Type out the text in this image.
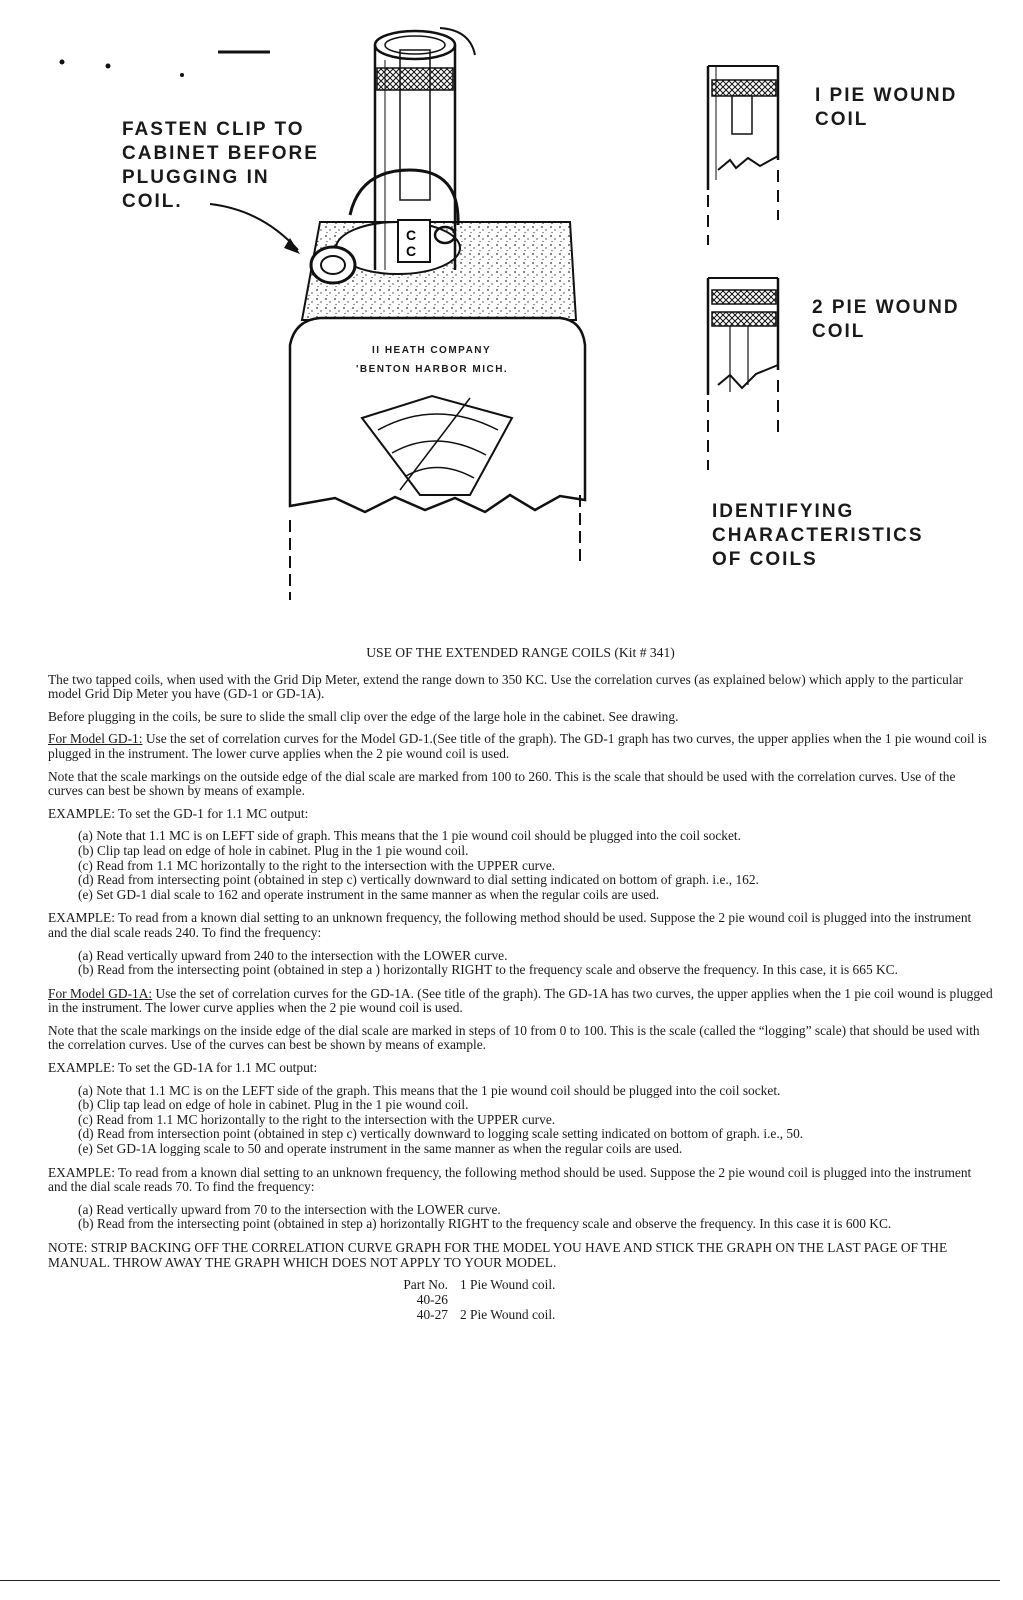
C
C
FASTEN CLIP TO
CABINET BEFORE
PLUGGING IN
COIL.
II HEATH COMPANY
'BENTON HARBOR MICH.
I PIE WOUND
COIL
2 PIE WOUND
COIL
IDENTIFYING
CHARACTERISTICS
OF COILS

USE OF THE EXTENDED RANGE COILS (Kit # 341)

The two tapped coils, when used with the Grid Dip Meter, extend the range down to 350 KC. Use the correlation curves (as explained below) which apply to the particular model Grid Dip Meter you have (GD-1 or GD-1A).

Before plugging in the coils, be sure to slide the small clip over the edge of the large hole in the cabinet. See drawing.

For Model GD-1: Use the set of correlation curves for the Model GD-1.(See title of the graph). The GD-1 graph has two curves, the upper applies when the 1 pie wound coil is plugged in the instrument. The lower curve applies when the 2 pie wound coil is used.

Note that the scale markings on the outside edge of the dial scale are marked from 100 to 260. This is the scale that should be used with the correlation curves. Use of the curves can best be shown by means of example.

EXAMPLE: To set the GD-1 for 1.1 MC output:

(a) Note that 1.1 MC is on LEFT side of graph. This means that the 1 pie wound coil should be plugged into the coil socket.
(b) Clip tap lead on edge of hole in cabinet. Plug in the 1 pie wound coil.
(c) Read from 1.1 MC horizontally to the right to the intersection with the UPPER curve.
(d) Read from intersecting point (obtained in step c) vertically downward to dial setting indicated on bottom of graph. i.e., 162.
(e) Set GD-1 dial scale to 162 and operate instrument in the same manner as when the regular coils are used.

EXAMPLE: To read from a known dial setting to an unknown frequency, the following method should be used. Suppose the 2 pie wound coil is plugged into the instrument and the dial scale reads 240. To find the frequency:

(a) Read vertically upward from 240 to the intersection with the LOWER curve.
(b) Read from the intersecting point (obtained in step a ) horizontally RIGHT to the frequency scale and observe the frequency. In this case, it is 665 KC.

For Model GD-1A: Use the set of correlation curves for the GD-1A. (See title of the graph). The GD-1A has two curves, the upper applies when the 1 pie coil wound is plugged in the instrument. The lower curve applies when the 2 pie wound coil is used.

Note that the scale markings on the inside edge of the dial scale are marked in steps of 10 from 0 to 100. This is the scale (called the “logging” scale) that should be used with the correlation curves. Use of the curves can best be shown by means of example.

EXAMPLE: To set the GD-1A for 1.1 MC output:

(a) Note that 1.1 MC is on the LEFT side of the graph. This means that the 1 pie wound coil should be plugged into the coil socket.
(b) Clip tap lead on edge of hole in cabinet. Plug in the 1 pie wound coil.
(c) Read from 1.1 MC horizontally to the right to the intersection with the UPPER curve.
(d) Read from intersection point (obtained in step c) vertically downward to logging scale setting indicated on bottom of graph. i.e., 50.
(e) Set GD-1A logging scale to 50 and operate instrument in the same manner as when the regular coils are used.

EXAMPLE: To read from a known dial setting to an unknown frequency, the following method should be used. Suppose the 2 pie wound coil is plugged into the instrument and the dial scale reads 70. To find the frequency:

(a) Read vertically upward from 70 to the intersection with the LOWER curve.
(b) Read from the intersecting point (obtained in step a) horizontally RIGHT to the frequency scale and observe the frequency. In this case it is 600 KC.

NOTE: STRIP BACKING OFF THE CORRELATION CURVE GRAPH FOR THE MODEL YOU HAVE AND STICK THE GRAPH ON THE LAST PAGE OF THE MANUAL. THROW AWAY THE GRAPH WHICH DOES NOT APPLY TO YOUR MODEL.

Part No. 40-26
1 Pie Wound coil.
40-27 2 Pie Wound coil.
